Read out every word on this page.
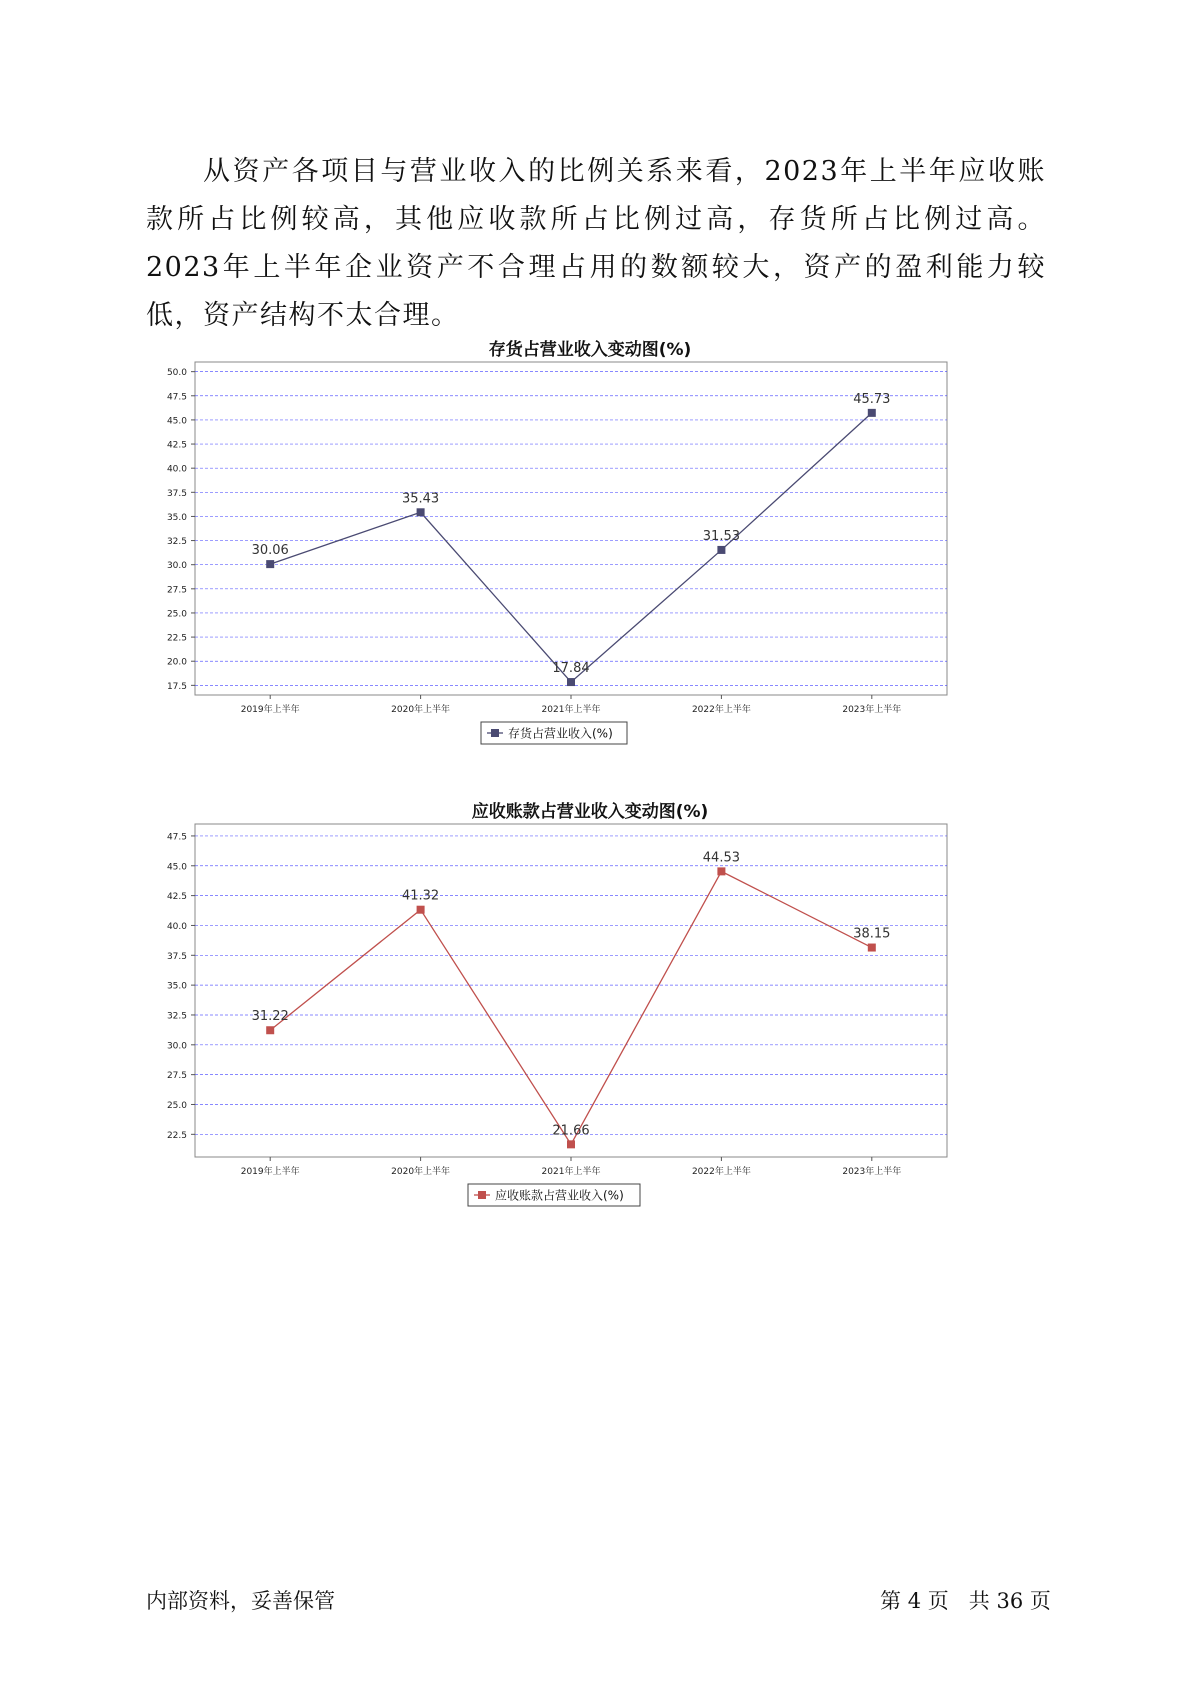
从资产各项目与营业收入的比例关系来看，2023年上半年应收账款所占比例较高，其他应收款所占比例过高，存货所占比例过高。2023年上半年企业资产不合理占用的数额较大，资产的盈利能力较低，资产结构不太合理。
存货占营业收入变动图(%)
17.5
20.0
22.5
25.0
27.5
30.0
32.5
35.0
37.5
40.0
42.5
45.0
47.5
50.0
2019年上半年	2020年上半年	2021年上半年	2022年上半年	2023年上半年
30.06
35.43
17.84
31.53
45.73
存货占营业收入(%)
应收账款占营业收入变动图(%)
22.5
25.0
27.5
30.0
32.5
35.0
37.5
40.0
42.5
45.0
47.5
2019年上半年	2020年上半年	2021年上半年	2022年上半年	2023年上半年
31.22
41.32
21.66
44.53
38.15
应收账款占营业收入(%)
内部资料，妥善保管	第 4 页   共 36 页
